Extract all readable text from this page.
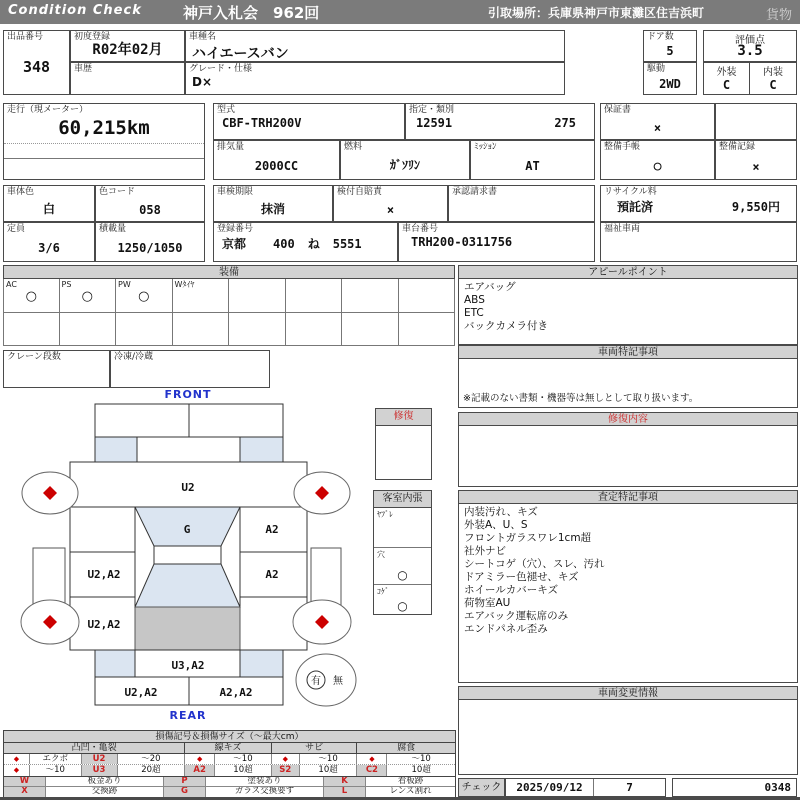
Condition Check	神戸入札会　962回	引取場所：兵庫県神戸市東灘区住吉浜町	貨物
出品番号
348
初度登録
R02年02月
車歴
車種名
ハイエースバン
グレード・仕様
D×
ドア数
5
駆動
2WD
評価点
3.5
外装
C
内装
C
走行（現メーター）
60,215km
型式
CBF-TRH200V
指定・類別
12591	275
排気量
2000CC
燃料
ｶﾞｿﾘﾝ
ﾐｯｼｮﾝ
AT
保証書
×
整備手帳
○
整備記録
×
車体色
白
色コード
058
定員
3/6
積載量
1250/1050
車検期限
抹消
検付自賠責
×
承認請求書
登録番号
京都 400 ね 5551
車台番号
TRH200-0311756
リサイクル料
預託済	9,550円
福祉車両
装備
AC
○
PS
○
PW
○
Wﾀｲﾔ
クレーン段数	冷凍/冷蔵
FRONT
U2
G	A2
U2,A2	A2
U2,A2
U3,A2
U2,A2	A2,A2
REAR
有 無
修復
客室内張
ﾔﾌﾞﾚ
穴
○
ｺｹﾞ
○
アピールポイント
エアバッグ
ABS
ETC
バックカメラ付き
車両特記事項
※記載のない書類・機器等は無しとして取り扱います。
修復内容
査定特記事項
内装汚れ、キズ
外装A、U、S
フロントガラスワレ1cm超
社外ナビ
シートコゲ（穴）、スレ、汚れ
ドアミラー色褪せ、キズ
ホイールカバーキズ
荷物室AU
エアバック運転席のみ
エンドパネル歪み
車両変更情報
チェック	2025/09/12	7	0348
損傷記号＆損傷サイズ（～最大cm）
凸凹・亀裂	線キズ	サビ	腐食
◆	エクボ	U2	～20	◆	～10	◆	～10	◆	～10
◆	～10	U3	20超	A2	10超	S2	10超	C2	10超
W	板金あり	P	塗装あり	K	看板跡
X	交換跡	G	ガラス交換要す	L	レンズ割れ
